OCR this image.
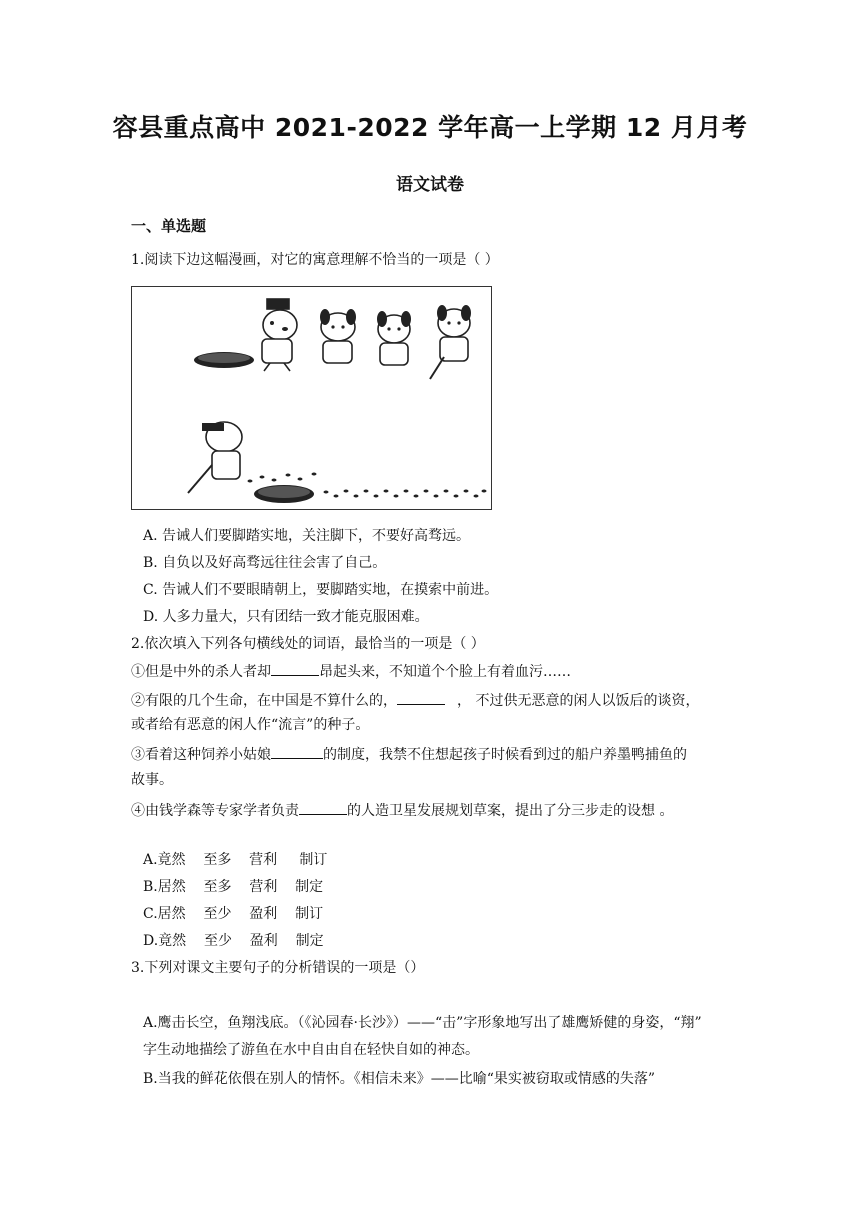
容县重点高中 2021-2022 学年高一上学期 12 月月考
语文试卷
一、单选题
1.阅读下边这幅漫画，对它的寓意理解不恰当的一项是（ ）
A. 告诫人们要脚踏实地，关注脚下，不要好高骛远。
B. 自负以及好高骛远往往会害了自己。
C. 告诫人们不要眼睛朝上，要脚踏实地，在摸索中前进。
D. 人多力量大，只有团结一致才能克服困难。
2.依次填入下列各句横线处的词语，最恰当的一项是（ ）
①但是中外的杀人者却	昂起头来，不知道个个脸上有着血污……
②有限的几个生命，在中国是不算什么的，	， 不过供无恶意的闲人以饭后的谈资，
或者给有恶意的闲人作“流言”的种子。
③看着这种饲养小姑娘	的制度，我禁不住想起孩子时候看到过的船户养墨鸭捕鱼的
故事。
④由钱学森等专家学者负责	的人造卫星发展规划草案，提出了分三步走的设想 。
A.竟然    至多    营利     制订
B.居然    至多    营利    制定
C.居然    至少    盈利    制订
D.竟然    至少    盈利    制定
3.下列对课文主要句子的分析错误的一项是（）
A.鹰击长空，鱼翔浅底。（《沁园春·长沙》）——“击”字形象地写出了雄鹰矫健的身姿，“翔”
字生动地描绘了游鱼在水中自由自在轻快自如的神态。
B.当我的鲜花依偎在别人的情怀。《相信未来》——比喻“果实被窃取或情感的失落”
